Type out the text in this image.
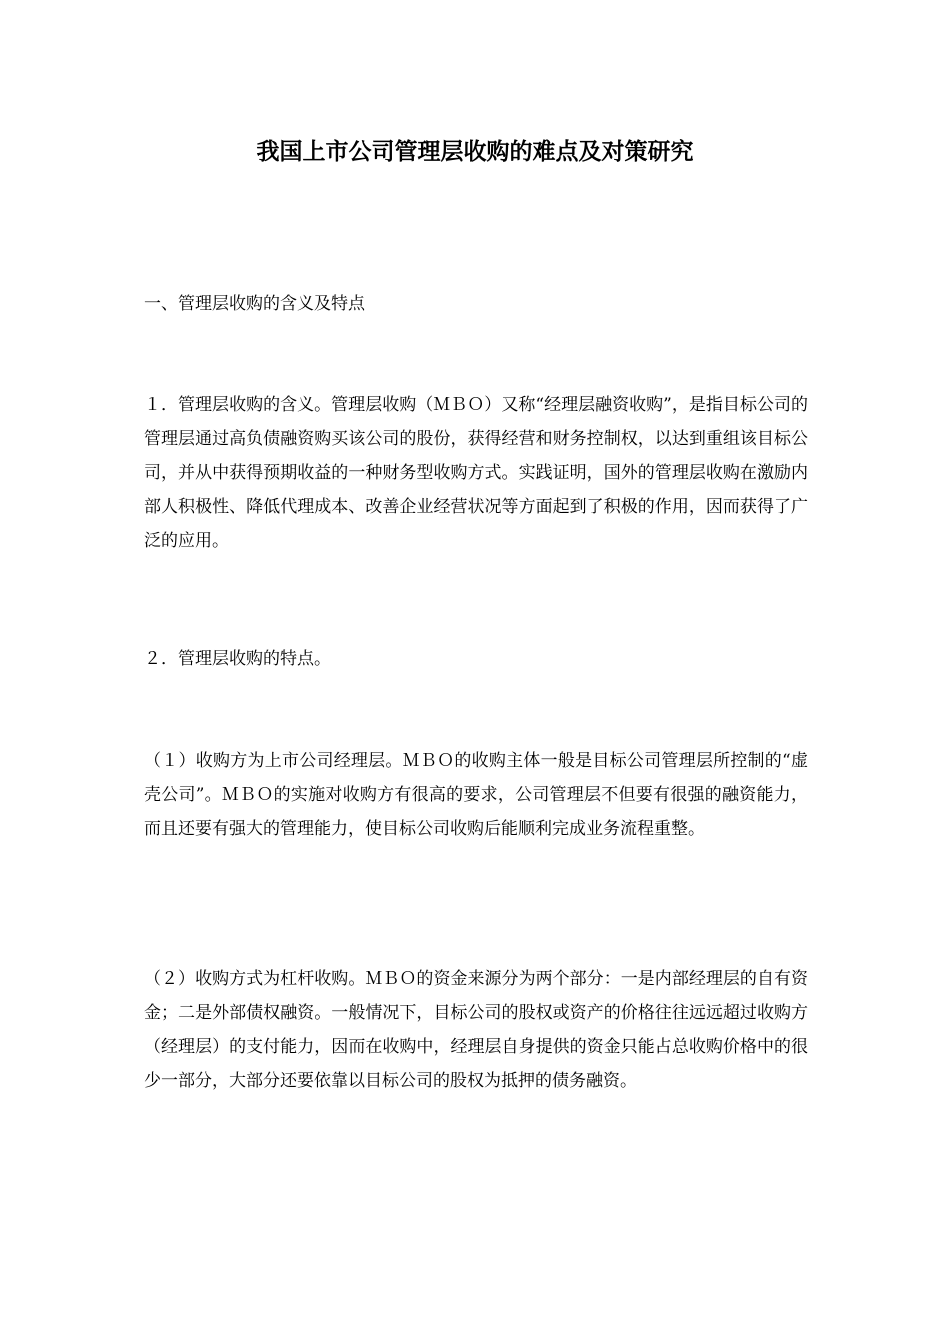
我国上市公司管理层收购的难点及对策研究

一、管理层收购的含义及特点

１．管理层收购的含义。管理层收购（ＭＢＯ）又称“经理层融资收购”，是指目标公司的管理层通过高负债融资购买该公司的股份，获得经营和财务控制权，以达到重组该目标公司，并从中获得预期收益的一种财务型收购方式。实践证明，国外的管理层收购在激励内部人积极性、降低代理成本、改善企业经营状况等方面起到了积极的作用，因而获得了广泛的应用。

２．管理层收购的特点。

（１）收购方为上市公司经理层。ＭＢＯ的收购主体一般是目标公司管理层所控制的“虚壳公司”。ＭＢＯ的实施对收购方有很高的要求，公司管理层不但要有很强的融资能力，而且还要有强大的管理能力，使目标公司收购后能顺利完成业务流程重整。

（２）收购方式为杠杆收购。ＭＢＯ的资金来源分为两个部分：一是内部经理层的自有资金；二是外部债权融资。一般情况下，目标公司的股权或资产的价格往往远远超过收购方（经理层）的支付能力，因而在收购中，经理层自身提供的资金只能占总收购价格中的很少一部分，大部分还要依靠以目标公司的股权为抵押的债务融资。
